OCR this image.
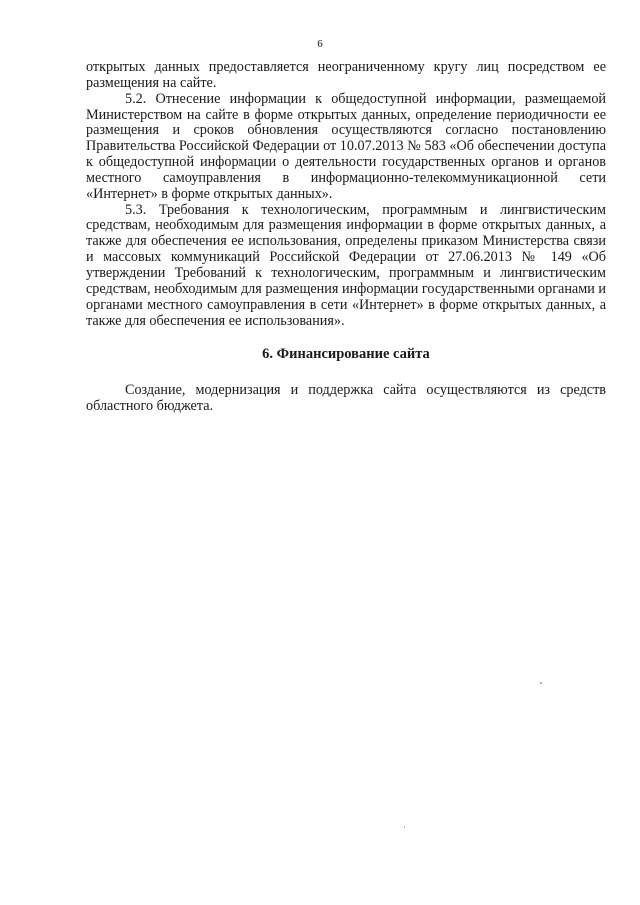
6

открытых данных предоставляется неограниченному кругу лиц посредством ее размещения на сайте.

5.2. Отнесение информации к общедоступной информации, размещаемой Министерством на сайте в форме открытых данных, определение периодичности ее размещения и сроков обновления осуществляются согласно постановлению Правительства Российской Федерации от 10.07.2013 № 583 «Об обеспечении доступа к общедоступной информации о деятельности государственных органов и органов местного самоуправления в информационно-телекоммуникационной сети «Интернет» в форме открытых данных».

5.3. Требования к технологическим, программным и лингвистическим средствам, необходимым для размещения информации в форме открытых данных, а также для обеспечения ее использования, определены приказом Министерства связи и массовых коммуникаций Российской Федерации от 27.06.2013 № 149 «Об утверждении Требований к технологическим, программным и лингвистическим средствам, необходимым для размещения информации государственными органами и органами местного самоуправления в сети «Интернет» в форме открытых данных, а также для обеспечения ее использования».

6. Финансирование сайта

Создание, модернизация и поддержка сайта осуществляются из средств областного бюджета.
